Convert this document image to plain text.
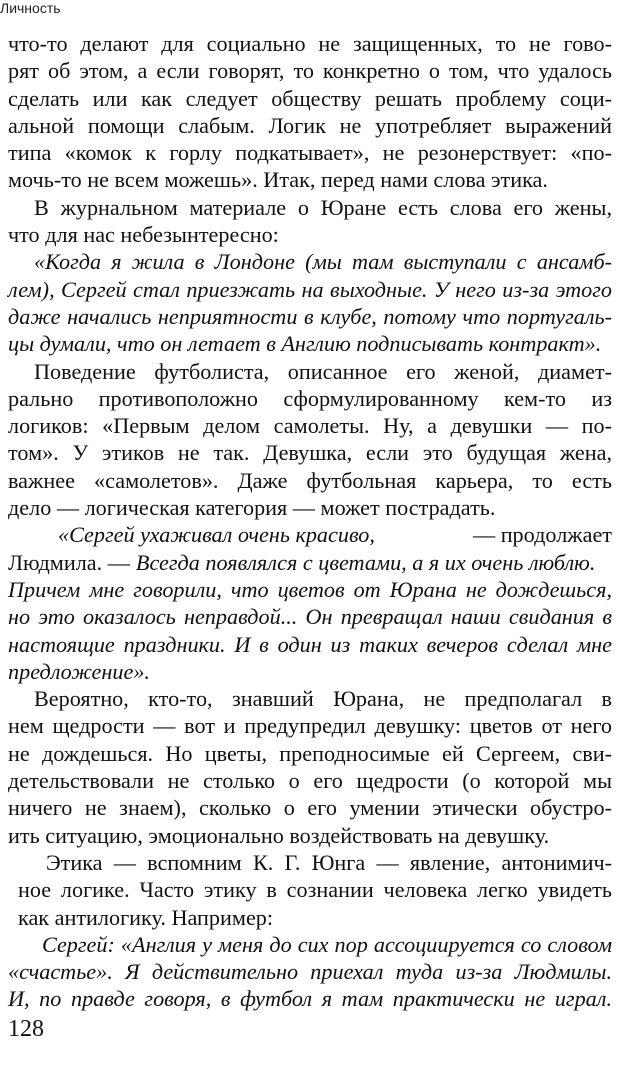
Личность
что-то делают для социально не защищенных, то не гово-
рят об этом, а если говорят, то конкретно о том, что удалось
сделать или как следует обществу решать проблему соци-
альной помощи слабым. Логик не употребляет выражений
типа «комок к горлу подкатывает», не резонерствует: «по-
мочь-то не всем можешь». Итак, перед нами слова этика.
В журнальном материале о Юране есть слова его жены,
что для нас небезынтересно:
«Когда я жила в Лондоне (мы там выступали с ансамб-
лем), Сергей стал приезжать на выходные. У него из-за этого
даже начались неприятности в клубе, потому что португаль-
цы думали, что он летает в Англию подписывать контракт».
Поведение футболиста, описанное его женой, диамет-
рально противоположно сформулированному кем-то из
логиков: «Первым делом самолеты. Ну, а девушки — по-
том». У этиков не так. Девушка, если это будущая жена,
важнее «самолетов». Даже футбольная карьера, то есть
дело — логическая категория — может пострадать.
«Сергей ухаживал очень красиво,	— продолжает
Людмила. — Всегда появлялся с цветами, а я их очень люблю.
Причем мне говорили, что цветов от Юрана не дождешься,
но это оказалось неправдой... Он превращал наши свидания в
настоящие праздники. И в один из таких вечеров сделал мне
предложение».
Вероятно, кто-то, знавший Юрана, не предполагал в
нем щедрости — вот и предупредил девушку: цветов от него
не дождешься. Но цветы, преподносимые ей Сергеем, сви-
детельствовали не столько о его щедрости (о которой мы
ничего не знаем), сколько о его умении этически обустро-
ить ситуацию, эмоционально воздействовать на девушку.
Этика — вспомним К. Г. Юнга — явление, антонимич-
ное логике. Часто этику в сознании человека легко увидеть
как антилогику. Например:
Сергей: «Англия у меня до сих пор ассоциируется со словом
«счастье». Я действительно приехал туда из-за Людмилы.
И, по правде говоря, в футбол я там практически не играл.
128
